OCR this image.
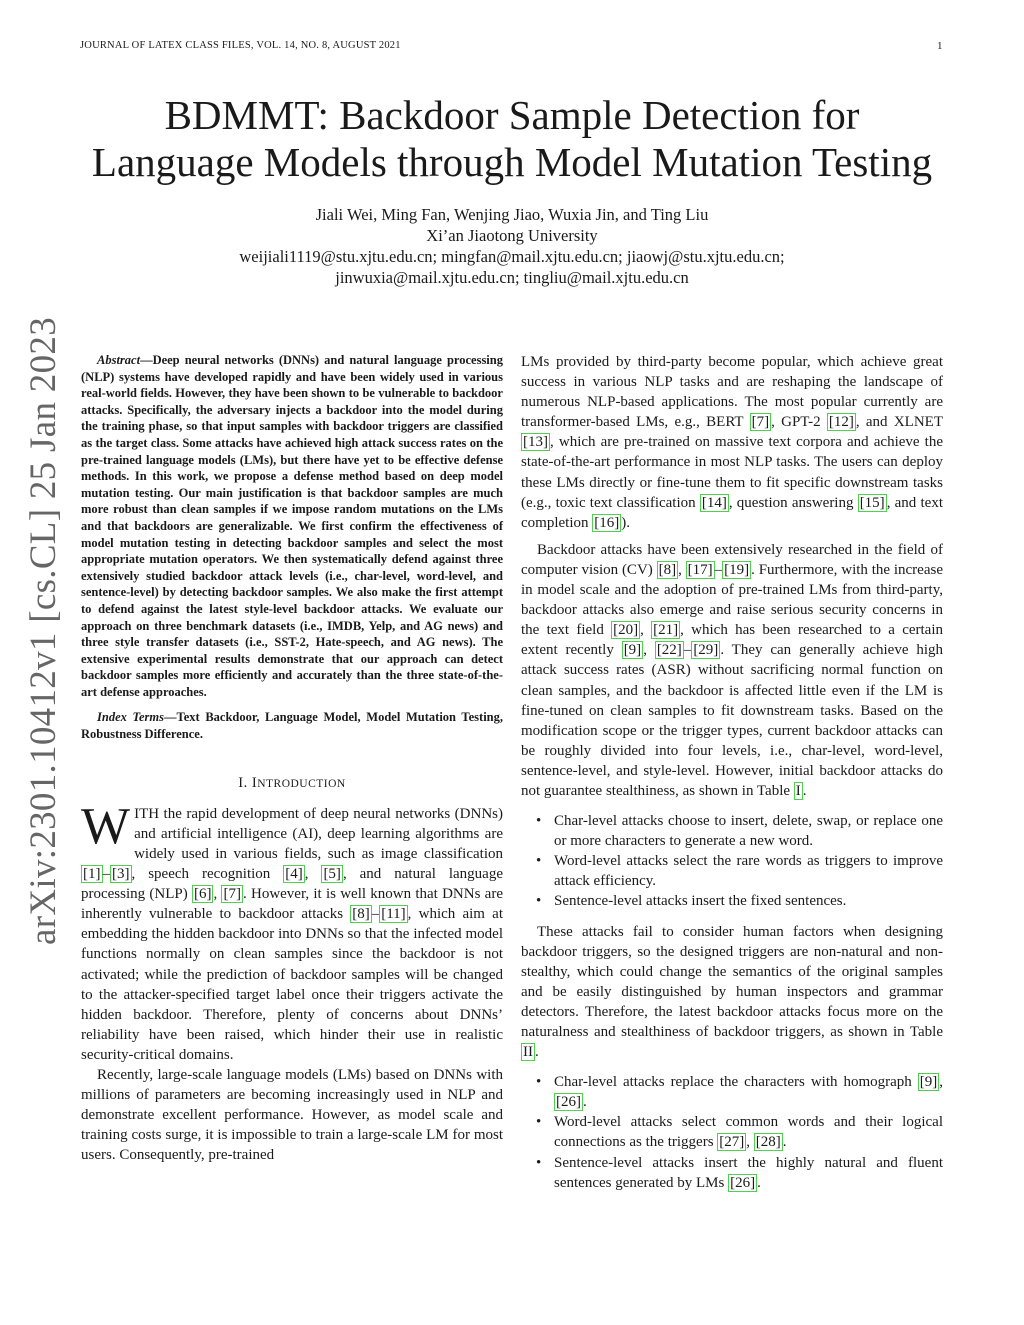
JOURNAL OF LATEX CLASS FILES, VOL. 14, NO. 8, AUGUST 2021	1
arXiv:2301.10412v1 [cs.CL] 25 Jan 2023
BDMMT: Backdoor Sample Detection for
Language Models through Model Mutation Testing
Jiali Wei, Ming Fan, Wenjing Jiao, Wuxia Jin, and Ting Liu
Xi’an Jiaotong University
weijiali1119@stu.xjtu.edu.cn; mingfan@mail.xjtu.edu.cn; jiaowj@stu.xjtu.edu.cn;
jinwuxia@mail.xjtu.edu.cn; tingliu@mail.xjtu.edu.cn

Abstract—Deep neural networks (DNNs) and natural language processing (NLP) systems have developed rapidly and have been widely used in various real-world fields. However, they have been shown to be vulnerable to backdoor attacks. Specifically, the adversary injects a backdoor into the model during the training phase, so that input samples with backdoor triggers are classified as the target class. Some attacks have achieved high attack success rates on the pre-trained language models (LMs), but there have yet to be effective defense methods. In this work, we propose a defense method based on deep model mutation testing. Our main justification is that backdoor samples are much more robust than clean samples if we impose random mutations on the LMs and that backdoors are generalizable. We first confirm the effectiveness of model mutation testing in detecting backdoor samples and select the most appropriate mutation operators. We then systematically defend against three extensively studied backdoor attack levels (i.e., char-level, word-level, and sentence-level) by detecting backdoor samples. We also make the first attempt to defend against the latest style-level backdoor attacks. We evaluate our approach on three benchmark datasets (i.e., IMDB, Yelp, and AG news) and three style transfer datasets (i.e., SST-2, Hate-speech, and AG news). The extensive experimental results demonstrate that our approach can detect backdoor samples more efficiently and accurately than the three state-of-the-art defense approaches.

Index Terms—Text Backdoor, Language Model, Model Mutation Testing, Robustness Difference.

I. INTRODUCTION

WITH the rapid development of deep neural networks (DNNs) and artificial intelligence (AI), deep learning algorithms are widely used in various fields, such as image classification [1] – [3] , speech recognition [4] , [5] , and natural language processing (NLP) [6] , [7] . However, it is well known that DNNs are inherently vulnerable to backdoor attacks [8] – [11] , which aim at embedding the hidden backdoor into DNNs so that the infected model functions normally on clean samples since the backdoor is not activated; while the prediction of backdoor samples will be changed to the attacker-specified target label once their triggers activate the hidden backdoor. Therefore, plenty of concerns about DNNs’ reliability have been raised, which hinder their use in realistic security-critical domains.

Recently, large-scale language models (LMs) based on DNNs with millions of parameters are becoming increasingly used in NLP and demonstrate excellent performance. However, as model scale and training costs surge, it is impossible to train a large-scale LM for most users. Consequently, pre-trained

LMs provided by third-party become popular, which achieve great success in various NLP tasks and are reshaping the landscape of numerous NLP-based applications. The most popular currently are transformer-based LMs, e.g., BERT [7] , GPT-2 [12] , and XLNET [13] , which are pre-trained on massive text corpora and achieve the state-of-the-art performance in most NLP tasks. The users can deploy these LMs directly or fine-tune them to fit specific downstream tasks (e.g., toxic text classification [14] , question answering [15] , and text completion [16] ).

Backdoor attacks have been extensively researched in the field of computer vision (CV) [8] , [17] – [19] . Furthermore, with the increase in model scale and the adoption of pre-trained LMs from third-party, backdoor attacks also emerge and raise serious security concerns in the text field [20] , [21] , which has been researched to a certain extent recently [9] , [22] – [29] . They can generally achieve high attack success rates (ASR) without sacrificing normal function on clean samples, and the backdoor is affected little even if the LM is fine-tuned on clean samples to fit downstream tasks. Based on the modification scope or the trigger types, current backdoor attacks can be roughly divided into four levels, i.e., char-level, word-level, sentence-level, and style-level. However, initial backdoor attacks do not guarantee stealthiness, as shown in Table I .

• Char-level attacks choose to insert, delete, swap, or replace one or more characters to generate a new word.
• Word-level attacks select the rare words as triggers to improve attack efficiency.
• Sentence-level attacks insert the fixed sentences.

These attacks fail to consider human factors when designing backdoor triggers, so the designed triggers are non-natural and non-stealthy, which could change the semantics of the original samples and be easily distinguished by human inspectors and grammar detectors. Therefore, the latest backdoor attacks focus more on the naturalness and stealthiness of backdoor triggers, as shown in Table II .

• Char-level attacks replace the characters with homograph [9] , [26] .
• Word-level attacks select common words and their logical connections as the triggers [27] , [28] .
• Sentence-level attacks insert the highly natural and fluent sentences generated by LMs [26] .
